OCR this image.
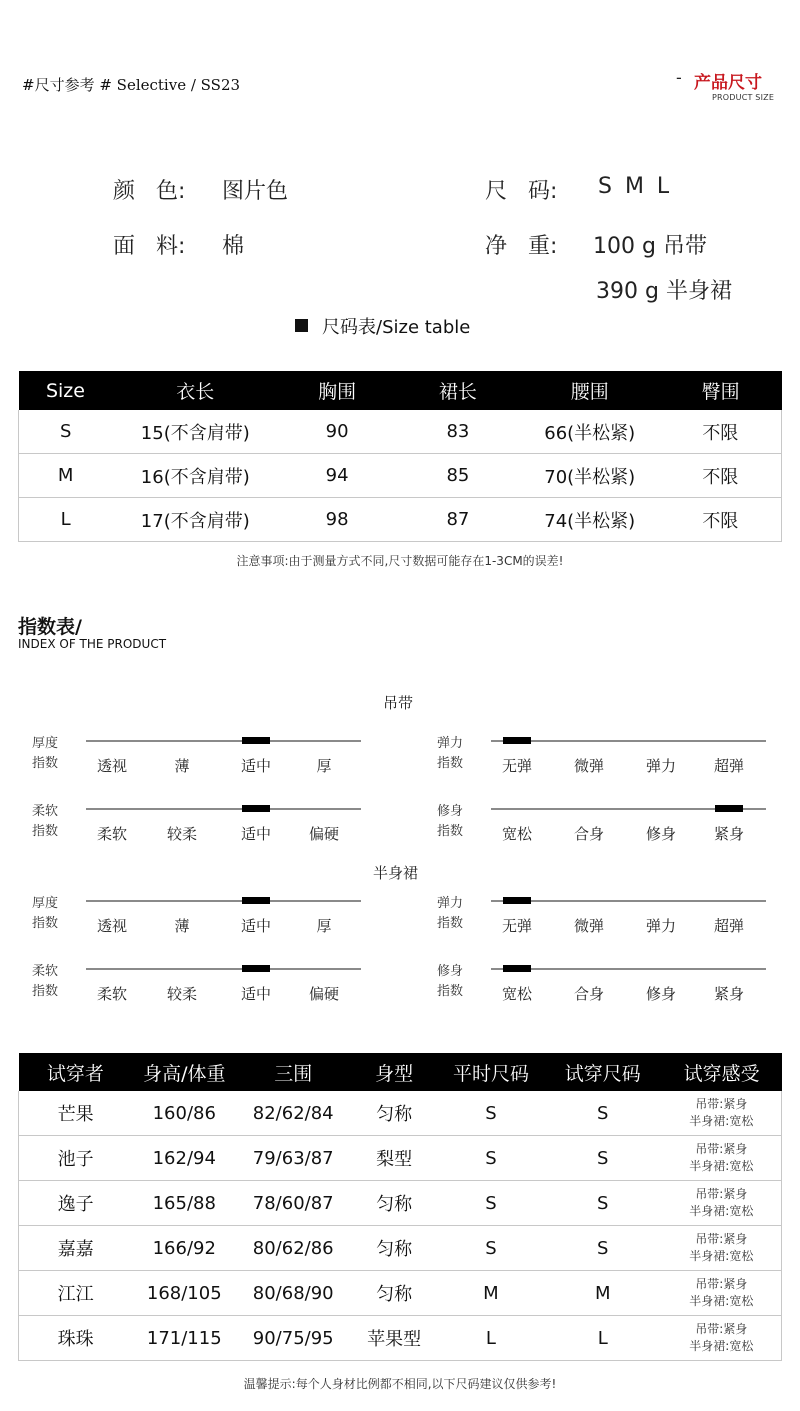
#尺寸参考 # Selective / SS23	- 产品尺寸
PRODUCT SIZE
颜   色: 图片色
面   料: 棉
尺   码: S M L
净   重: 100 g 吊带
390 g 半身裙
尺码表/Size table
Size	衣长	胸围	裙长	腰围	臀围
S	15(不含肩带)	90	83	66(半松紧)	不限
M	16(不含肩带)	94	85	70(半松紧)	不限
L	17(不含肩带)	98	87	74(半松紧)	不限
注意事项:由于测量方式不同,尺寸数据可能存在1-3CM的误差!
指数表/
INDEX OF THE PRODUCT
吊带
半身裙
厚度
指数	透视	薄	适中	厚
弹力
指数	无弹	微弹	弹力	超弹
柔软
指数	柔软	较柔	适中	偏硬
修身
指数	宽松	合身	修身	紧身
厚度
指数	透视	薄	适中	厚
弹力
指数	无弹	微弹	弹力	超弹
柔软
指数	柔软	较柔	适中	偏硬
修身
指数	宽松	合身	修身	紧身
试穿者	身高/体重	三围	身型	平时尺码	试穿尺码	试穿感受
芒果	160/86	82/62/84	匀称	S	S	吊带:紧身
半身裙:宽松

池子	162/94	79/63/87	梨型	S	S	吊带:紧身
半身裙:宽松

逸子	165/88	78/60/87	匀称	S	S	吊带:紧身
半身裙:宽松

嘉嘉	166/92	80/62/86	匀称	S	S	吊带:紧身
半身裙:宽松

江江	168/105	80/68/90	匀称	M	M	吊带:紧身
半身裙:宽松

珠珠	171/115	90/75/95	苹果型	L	L	吊带:紧身
半身裙:宽松
温馨提示:每个人身材比例都不相同,以下尺码建议仅供参考!
